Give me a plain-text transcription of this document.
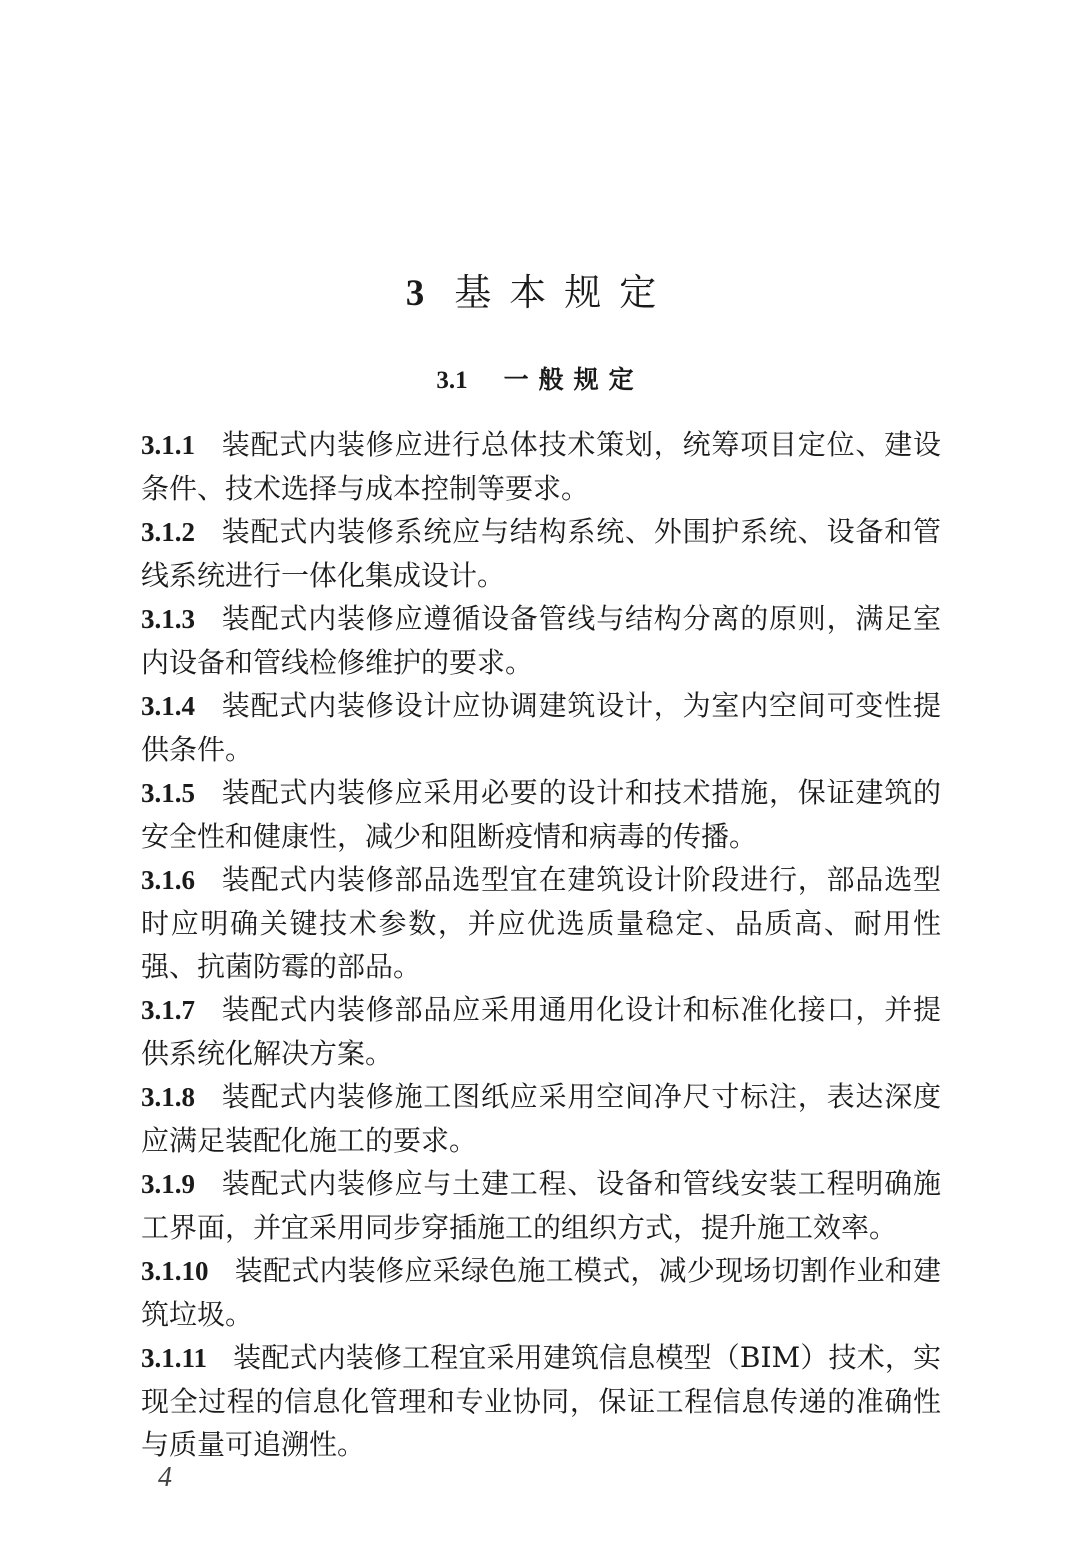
3 基本规定
3.1 一般规定

3.1.1 装配式内装修应进行总体技术策划，统筹项目定位、建设条件、技术选择与成本控制等要求。

3.1.2 装配式内装修系统应与结构系统、外围护系统、设备和管线系统进行一体化集成设计。

3.1.3 装配式内装修应遵循设备管线与结构分离的原则，满足室内设备和管线检修维护的要求。

3.1.4 装配式内装修设计应协调建筑设计，为室内空间可变性提供条件。

3.1.5 装配式内装修应采用必要的设计和技术措施，保证建筑的安全性和健康性，减少和阻断疫情和病毒的传播。

3.1.6 装配式内装修部品选型宜在建筑设计阶段进行，部品选型时应明确关键技术参数，并应优选质量稳定、品质高、耐用性强、抗菌防霉的部品。

3.1.7 装配式内装修部品应采用通用化设计和标准化接口，并提供系统化解决方案。

3.1.8 装配式内装修施工图纸应采用空间净尺寸标注，表达深度应满足装配化施工的要求。

3.1.9 装配式内装修应与土建工程、设备和管线安装工程明确施工界面，并宜采用同步穿插施工的组织方式，提升施工效率。

3.1.10 装配式内装修应采绿色施工模式，减少现场切割作业和建筑垃圾。

3.1.11 装配式内装修工程宜采用建筑信息模型（BIM）技术，实现全过程的信息化管理和专业协同，保证工程信息传递的准确性与质量可追溯性。

4
